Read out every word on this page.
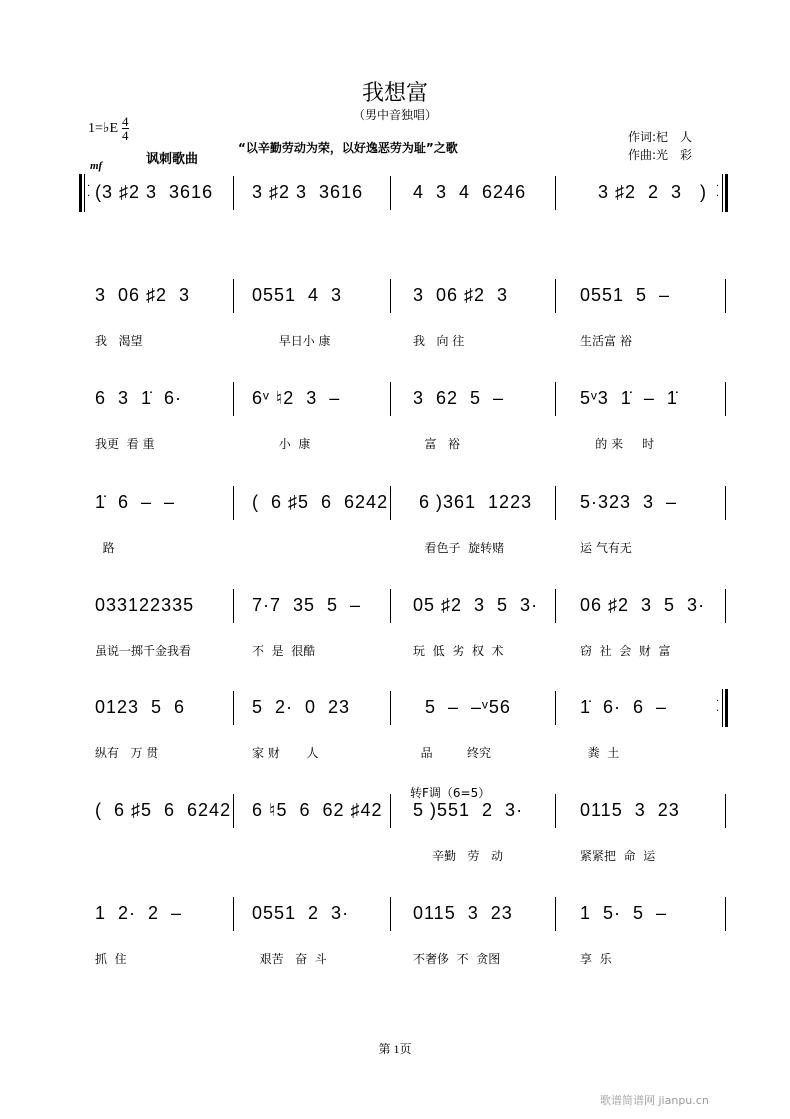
我想富
（男中音独唱）
1=♭E 4
4
讽刺歌曲
“以辛勤劳动为荣，以好逸恶劳为耻”之歌
作词:杞　人
作曲:光　彩
mf
转F调（6=5）
(3 ♯2 3  3616 3 ♯2 3  3616	4  3  4  6246	3 ♯2  2  3   )
·
·
·
·
3  06 ♯2  3
我   渴望
0551  4  3
早日小 康
3  06 ♯2  3
我   向 往
0551  5  –
生活富 裕
6  3  1̇  6·
我更  看 重
6ᵛ ♮2  3  –
小  康
3  62  5  –
富   裕
5ᵛ3  1̇  –  1̇
的 来     时
1̇  6  –  –
路
(  6 ♯5  6  6242 6 )361  1223
看色子  旋转赌
5·323  3  –
运 气有无
033122335
虽说一掷千金我看
7·7  35  5  –
不  是  很酷
05 ♯2  3  5  3·
玩  低  劣  权  术
06 ♯2  3  5  3·
窃  社  会  财  富
0123  5  6
纵有   万 贯
5  2·  0  23
家 财       人
5  –  –ᵛ56
品         终究
1̇  6·  6  –
粪  土
·
·
(  6 ♯5  6  6242 6 ♮5  6  62 ♯42 5 )551  2  3·
辛勤   劳   动
0115  3  23
紧紧把  命  运
1  2·  2  –
抓  住
0551  2  3·
艰苦   奋  斗
0115  3  23
不奢侈  不  贪图
1  5·  5  –
享  乐
第 1页
歌谱简谱网 jianpu.cn
